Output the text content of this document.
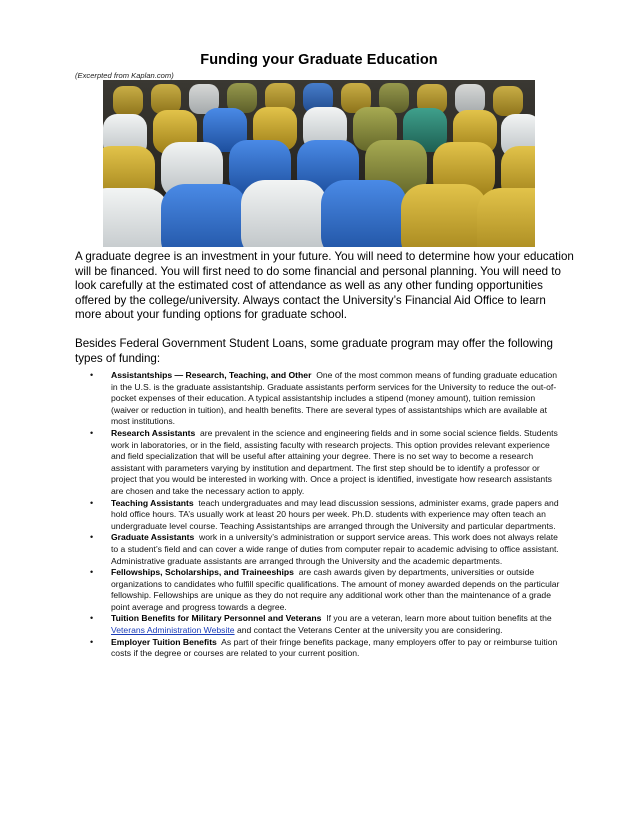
Funding your Graduate Education
(Excerpted from Kaplan.com)

A graduate degree is an investment in your future. You will need to determine how your education will be financed. You will first need to do some financial and personal planning. You will need to look carefully at the estimated cost of attendance as well as any other funding opportunities offered by the college/university. Always contact the University’s Financial Aid Office to learn more about your funding options for graduate school.

Besides Federal Government Student Loans, some graduate program may offer the following types of funding:

• Assistantships — Research, Teaching, and Other One of the most common means of funding graduate education in the U.S. is the graduate assistantship. Graduate assistants perform services for the University to reduce the out-of-pocket expenses of their education. A typical assistantship includes a stipend (money amount), tuition remission (waiver or reduction in tuition), and health benefits. There are several types of assistantships which are available at most institutions.
• Research Assistants are prevalent in the science and engineering fields and in some social science fields. Students work in laboratories, or in the field, assisting faculty with research projects. This option provides relevant experience and field specialization that will be useful after attaining your degree. There is no set way to become a research assistant with parameters varying by institution and department. The first step should be to identify a professor or project that you would be interested in working with. Once a project is identified, investigate how research assistants are chosen and take the necessary action to apply.
• Teaching Assistants teach undergraduates and may lead discussion sessions, administer exams, grade papers and hold office hours. TA’s usually work at least 20 hours per week. Ph.D. students with experience may often teach an undergraduate level course. Teaching Assistantships are arranged through the University and particular departments.
• Graduate Assistants work in a university’s administration or support service areas. This work does not always relate to a student’s field and can cover a wide range of duties from computer repair to academic advising to office assistant. Administrative graduate assistants are arranged through the University and the academic departments.
• Fellowships, Scholarships, and Traineeships are cash awards given by departments, universities or outside organizations to candidates who fulfill specific qualifications. The amount of money awarded depends on the particular fellowship. Fellowships are unique as they do not require any additional work other than the maintenance of a grade point average and progress towards a degree.
• Tuition Benefits for Military Personnel and Veterans If you are a veteran, learn more about tuition benefits at the Veterans Administration Website and contact the Veterans Center at the university you are considering.
• Employer Tuition Benefits As part of their fringe benefits package, many employers offer to pay or reimburse tuition costs if the degree or courses are related to your current position.
